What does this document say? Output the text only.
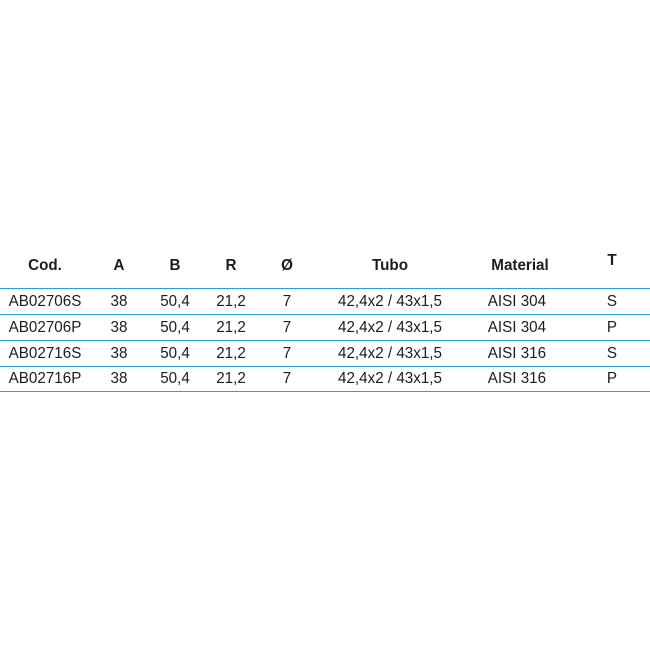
Cod.	A	B	R	Ø	Tubo	Material	T
AB02706S	38	50,4	21,2	7	42,4x2 / 43x1,5	AISI 304	S
AB02706P	38	50,4	21,2	7	42,4x2 / 43x1,5	AISI 304	P
AB02716S	38	50,4	21,2	7	42,4x2 / 43x1,5	AISI 316	S
AB02716P	38	50,4	21,2	7	42,4x2 / 43x1,5	AISI 316	P
